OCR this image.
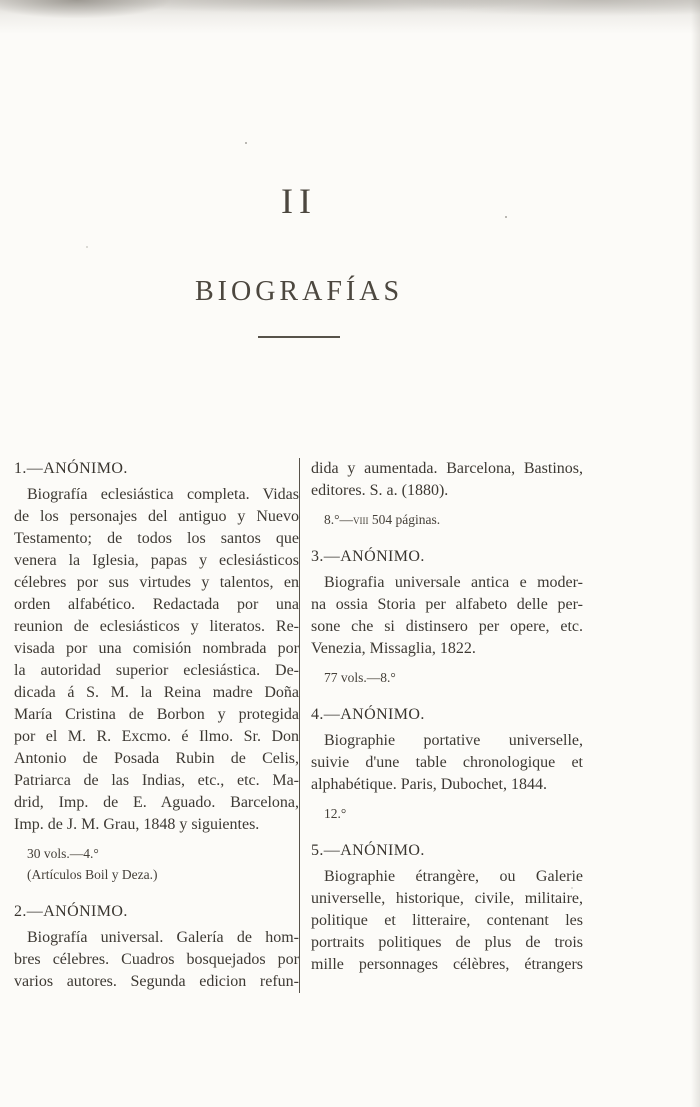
II
BIOGRAFÍAS
1.—ANÓNIMO.
Biografía eclesiástica completa. Vidas
de los personajes del antiguo y Nuevo
Testamento; de todos los santos que
venera la Iglesia, papas y eclesiásticos
célebres por sus virtudes y talentos, en
orden alfabético. Redactada por una
reunion de eclesiásticos y literatos. Re-
visada por una comisión nombrada por
la autoridad superior eclesiástica. De-
dicada á S. M. la Reina madre Doña
María Cristina de Borbon y protegida
por el M. R. Excmo. é Ilmo. Sr. Don
Antonio de Posada Rubin de Celis,
Patriarca de las Indias, etc., etc. Ma-
drid, Imp. de E. Aguado. Barcelona,
Imp. de J. M. Grau, 1848 y siguientes.
30 vols.—4.°
(Artículos Boil y Deza.)
2.—ANÓNIMO.
Biografía universal. Galería de hom-
bres célebres. Cuadros bosquejados por
varios autores. Segunda edicion refun-
dida y aumentada. Barcelona, Bastinos,
editores. S. a. (1880).
8.°—viii 504 páginas.
3.—ANÓNIMO.
Biografia universale antica e moder-
na ossia Storia per alfabeto delle per-
sone che si distinsero per opere, etc.
Venezia, Missaglia, 1822.
77 vols.—8.°
4.—ANÓNIMO.
Biographie portative universelle,
suivie d'une table chronologique et
alphabétique. Paris, Dubochet, 1844.
12.°
5.—ANÓNIMO.
Biographie étrangère, ou Galerie
universelle, historique, civile, militaire,
politique et litteraire, contenant les
portraits politiques de plus de trois
mille personnages célèbres, étrangers
